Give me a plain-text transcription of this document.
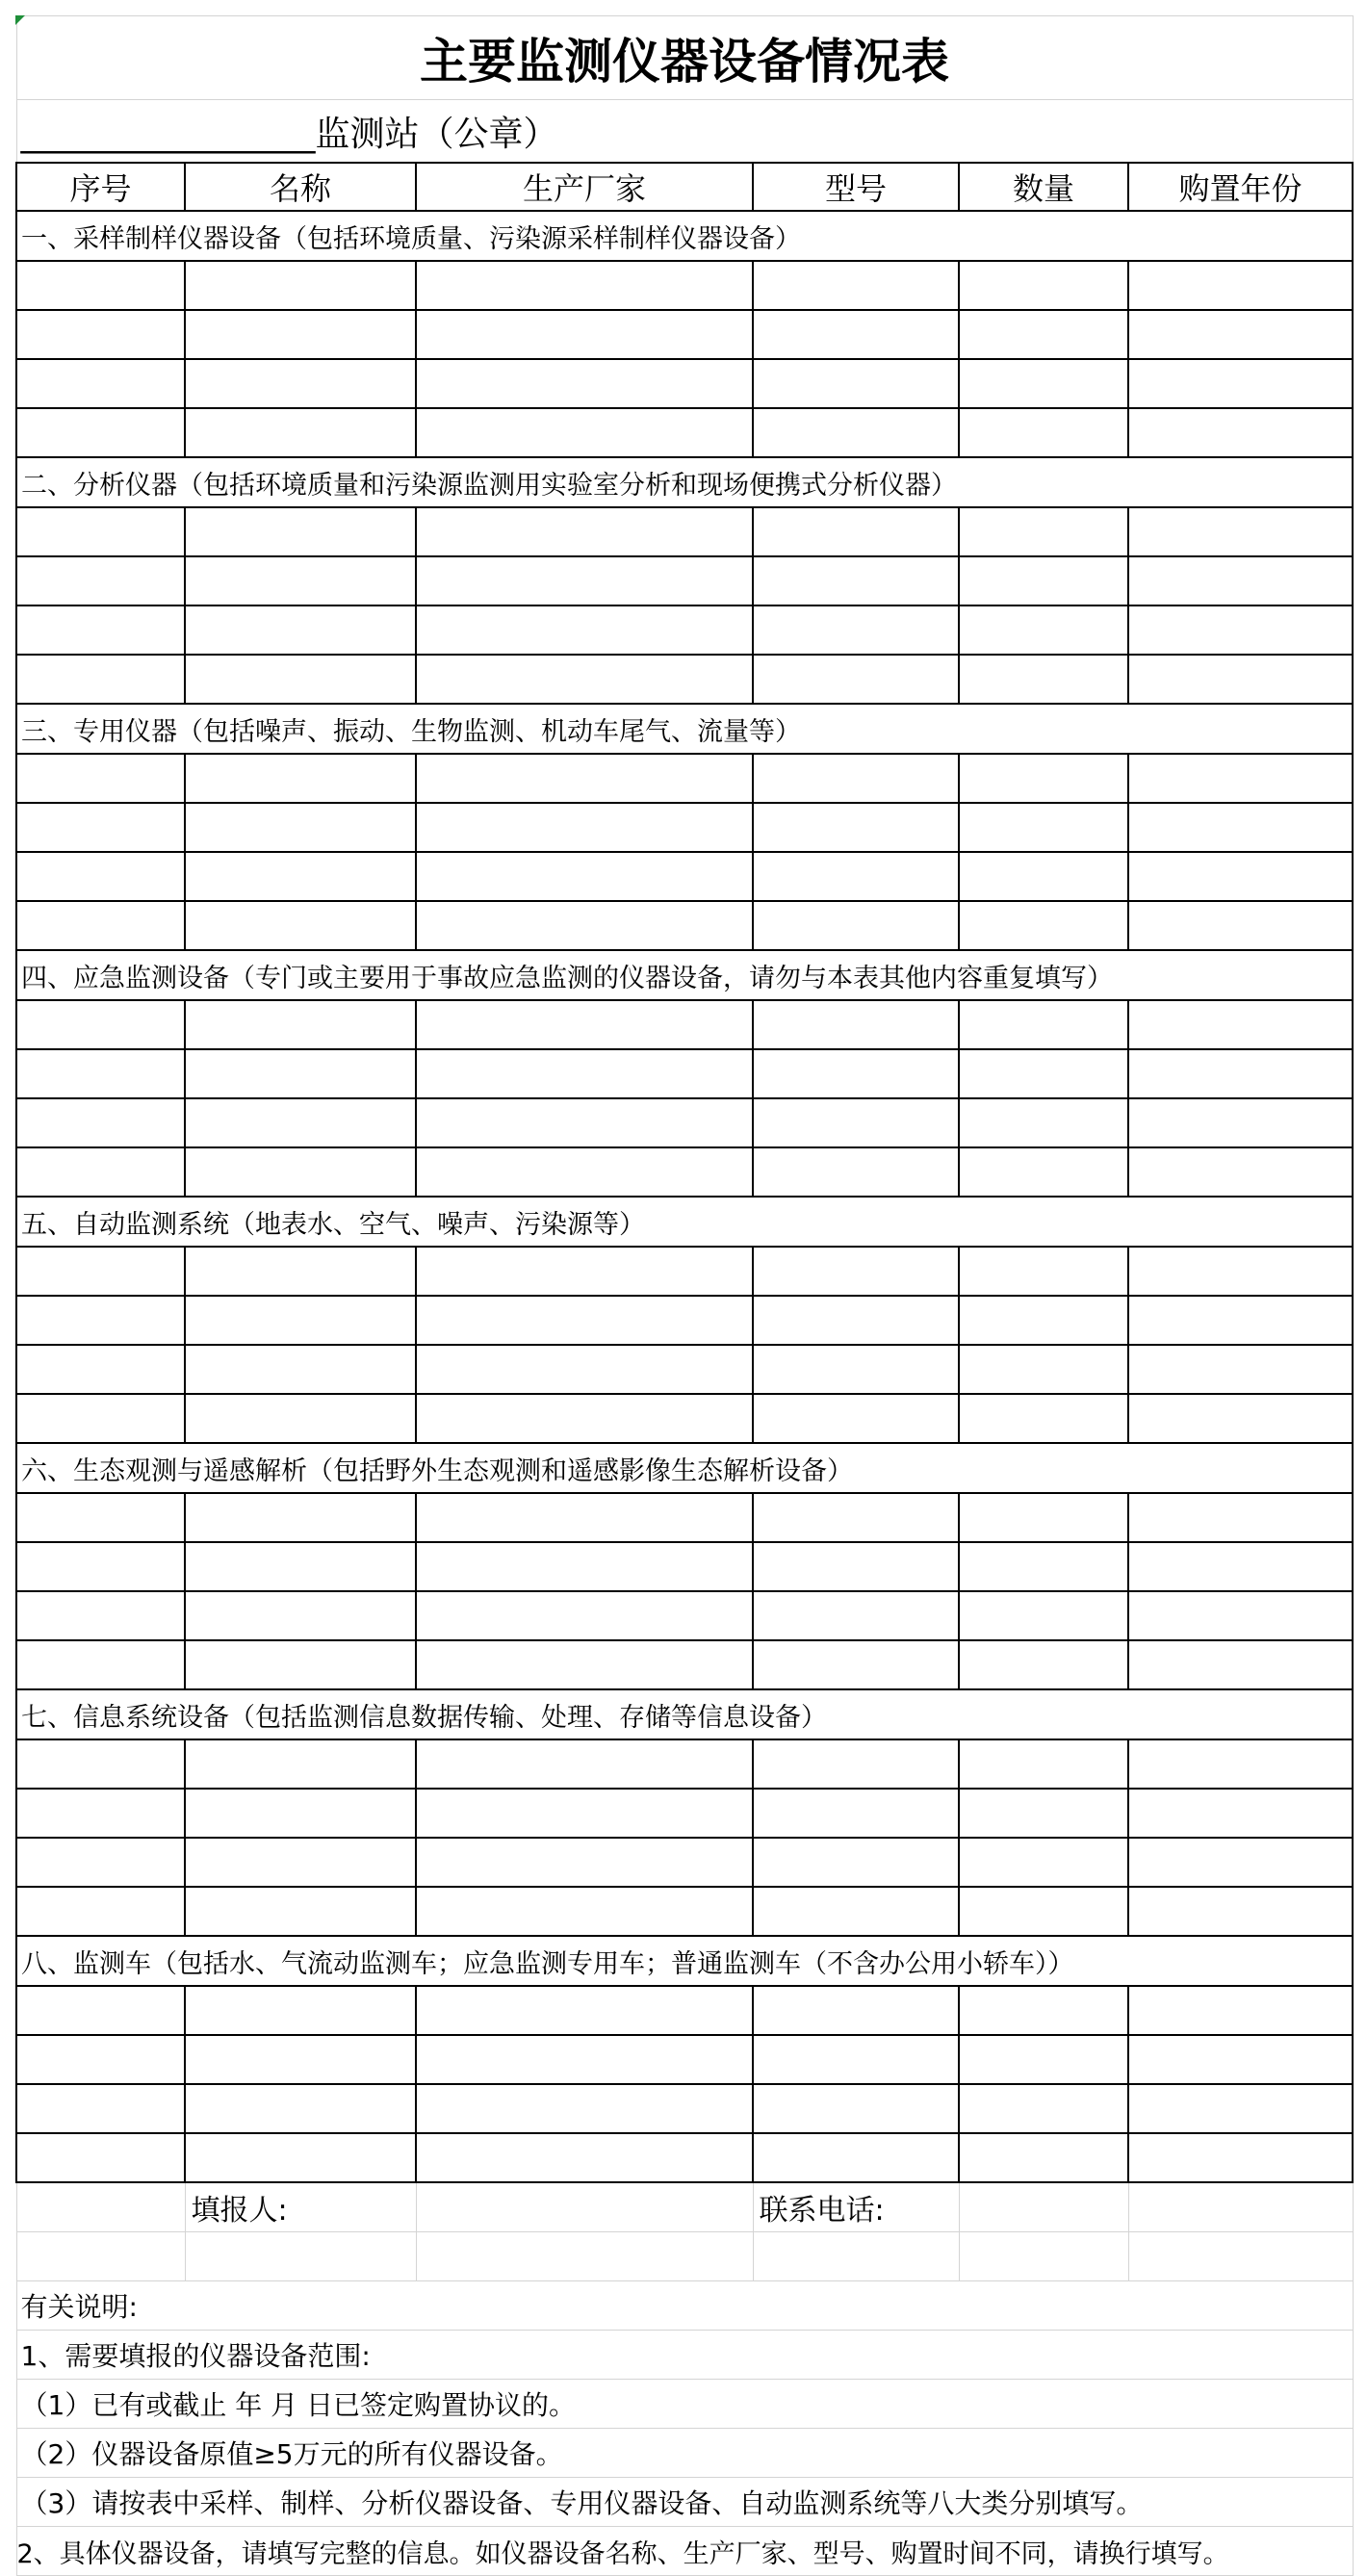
主要监测仪器设备情况表					
_________________监测站（公章）					
序号	名称	生产厂家	型号	数量	购置年份
一、采样制样仪器设备（包括环境质量、污染源采样制样仪器设备）					

二、分析仪器（包括环境质量和污染源监测用实验室分析和现场便携式分析仪器）					

三、专用仪器（包括噪声、振动、生物监测、机动车尾气、流量等）					

四、应急监测设备（专门或主要用于事故应急监测的仪器设备，请勿与本表其他内容重复填写）					

五、自动监测系统（地表水、空气、噪声、污染源等）					

六、生态观测与遥感解析（包括野外生态观测和遥感影像生态解析设备）					

七、信息系统设备（包括监测信息数据传输、处理、存储等信息设备）					

八、监测车（包括水、气流动监测车；应急监测专用车；普通监测车（不含办公用小轿车））					

	填报人:		联系电话:		

有关说明:					
1、需要填报的仪器设备范围:					
（1）已有或截止 年 月 日已签定购置协议的。					
（2）仪器设备原值≥5万元的所有仪器设备。					
（3）请按表中采样、制样、分析仪器设备、专用仪器设备、自动监测系统等八大类分别填写。					
2、具体仪器设备，请填写完整的信息。如仪器设备名称、生产厂家、型号、购置时间不同，请换行填写。					
